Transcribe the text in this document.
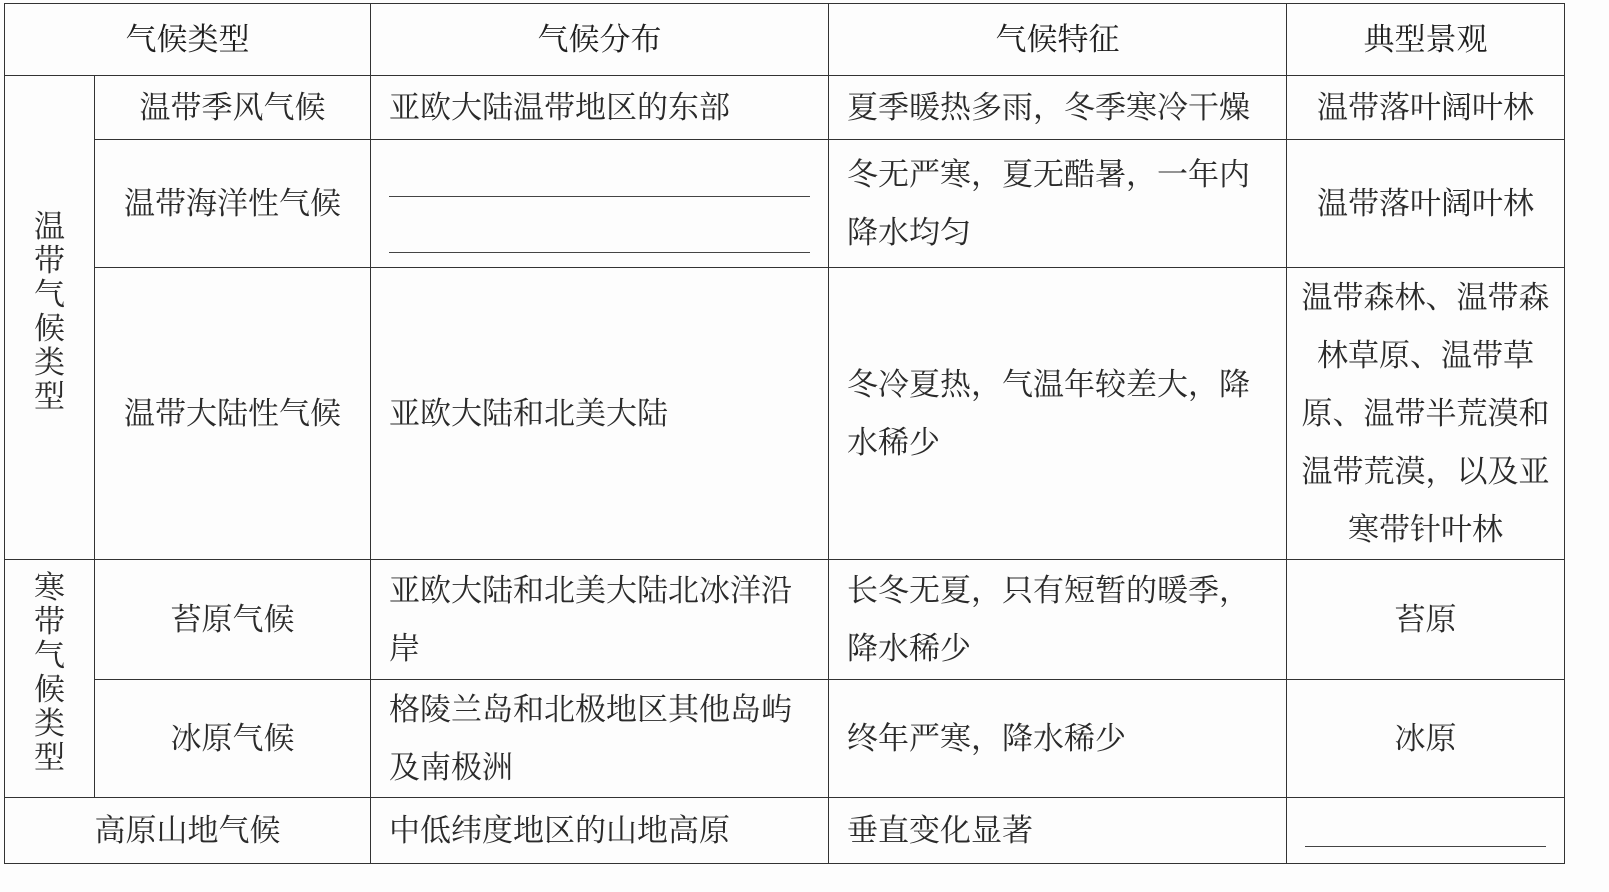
气候类型		气候分布	气候特征	典型景观
温带气候类型	温带季风气候	亚欧大陆温带地区的东部	夏季暖热多雨，冬季寒冷干燥	温带落叶阔叶林
	温带海洋性气候		冬无严寒，夏无酷暑，一年内降水均匀	温带落叶阔叶林
	温带大陆性气候	亚欧大陆和北美大陆	冬冷夏热，气温年较差大，降水稀少	温带森林、温带森林草原、温带草原、温带半荒漠和温带荒漠，以及亚寒带针叶林
寒带气候类型	苔原气候	亚欧大陆和北美大陆北冰洋沿岸	长冬无夏，只有短暂的暖季，降水稀少	苔原
	冰原气候	格陵兰岛和北极地区其他岛屿及南极洲	终年严寒，降水稀少	冰原
高原山地气候		中低纬度地区的山地高原	垂直变化显著	
